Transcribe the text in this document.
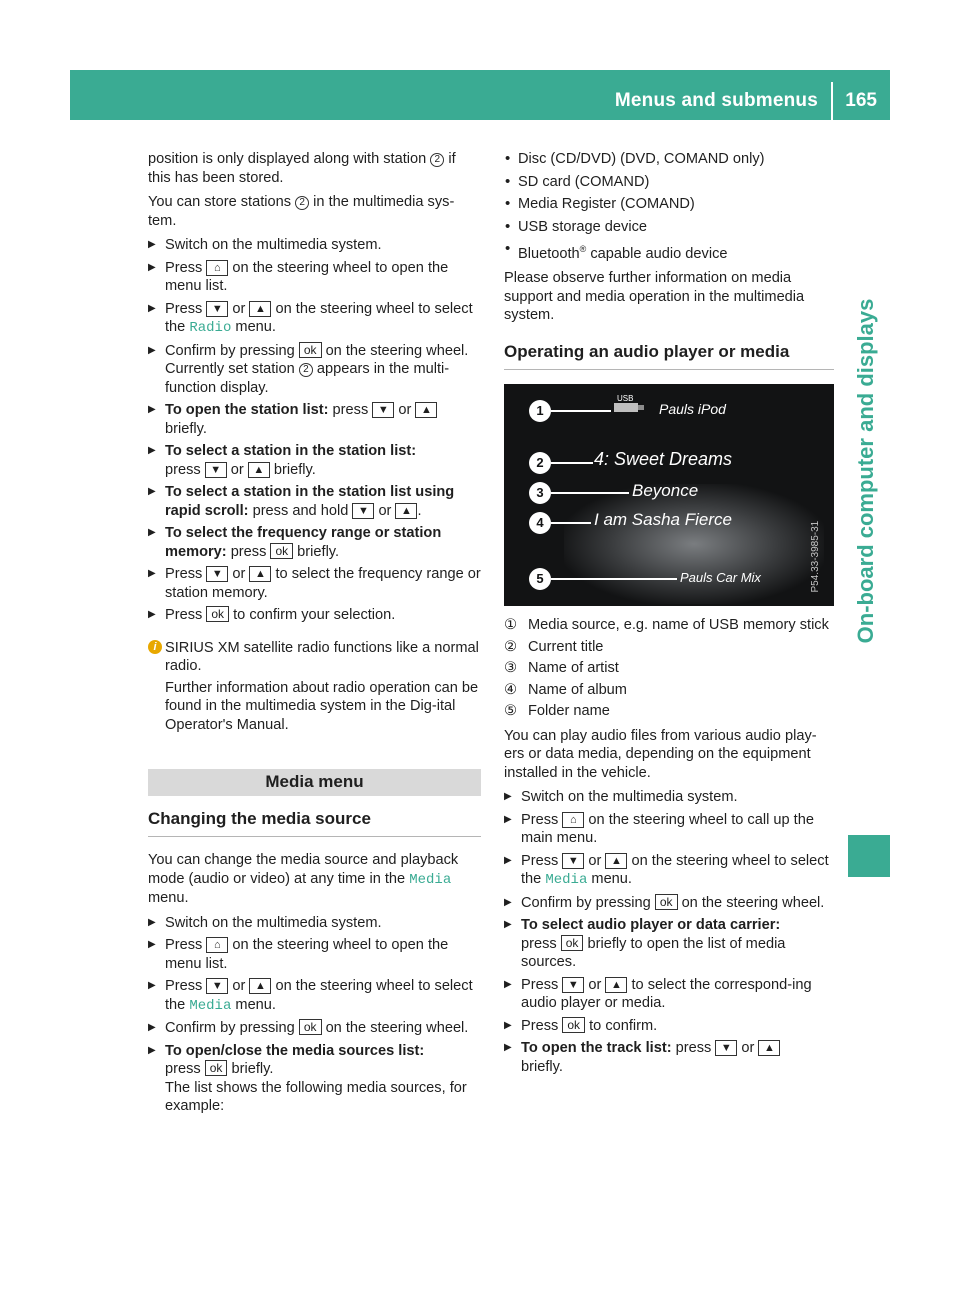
Menus and submenus 165
On-board computer and displays

position is only displayed along with station 2 if this has been stored.

You can store stations 2 in the multimedia sys-tem.

▶ Switch on the multimedia system.
▶ Press ⌂ on the steering wheel to open the menu list.
▶ Press ▼ or ▲ on the steering wheel to select the Radio menu.
▶ Confirm by pressing ok on the steering wheel.
Currently set station 2 appears in the multi-function display.
▶ To open the station list: press ▼ or ▲
briefly.
▶ To select a station in the station list:
press ▼ or ▲ briefly.
▶ To select a station in the station list using rapid scroll: press and hold ▼ or ▲ .
▶ To select the frequency range or station memory: press ok briefly.
▶ Press ▼ or ▲ to select the frequency range or station memory.
▶ Press ok to confirm your selection.
i SIRIUS XM satellite radio functions like a normal radio.

Further information about radio operation can be found in the multimedia system in the Dig-ital Operator's Manual.

Media menu
Changing the media source

You can change the media source and playback mode (audio or video) at any time in the Media
menu.

▶ Switch on the multimedia system.
▶ Press ⌂ on the steering wheel to open the menu list.
▶ Press ▼ or ▲ on the steering wheel to select the Media menu.
▶ Confirm by pressing ok on the steering wheel.
▶ To open/close the media sources list:
press ok briefly.
The list shows the following media sources, for example:
• Disc (CD/DVD) (DVD, COMAND only)
• SD card (COMAND)
• Media Register (COMAND)
• USB storage device
• Bluetooth® capable audio device

Please observe further information on media support and media operation in the multimedia system.

Operating an audio player or media
1
USB
Pauls iPod
2	4: Sweet Dreams
3	Beyonce
4	I am Sasha Fierce
5	Pauls Car Mix	P54.33-3985-31
① Media source, e.g. name of USB memory stick
② Current title
③ Name of artist
④ Name of album
⑤ Folder name

You can play audio files from various audio play-ers or data media, depending on the equipment installed in the vehicle.

▶ Switch on the multimedia system.
▶ Press ⌂ on the steering wheel to call up the main menu.
▶ Press ▼ or ▲ on the steering wheel to select the Media menu.
▶ Confirm by pressing ok on the steering wheel.
▶ To select audio player or data carrier:
press ok briefly to open the list of media sources.
▶ Press ▼ or ▲ to select the correspond-ing audio player or media.
▶ Press ok to confirm.
▶ To open the track list: press ▼ or ▲
briefly.
